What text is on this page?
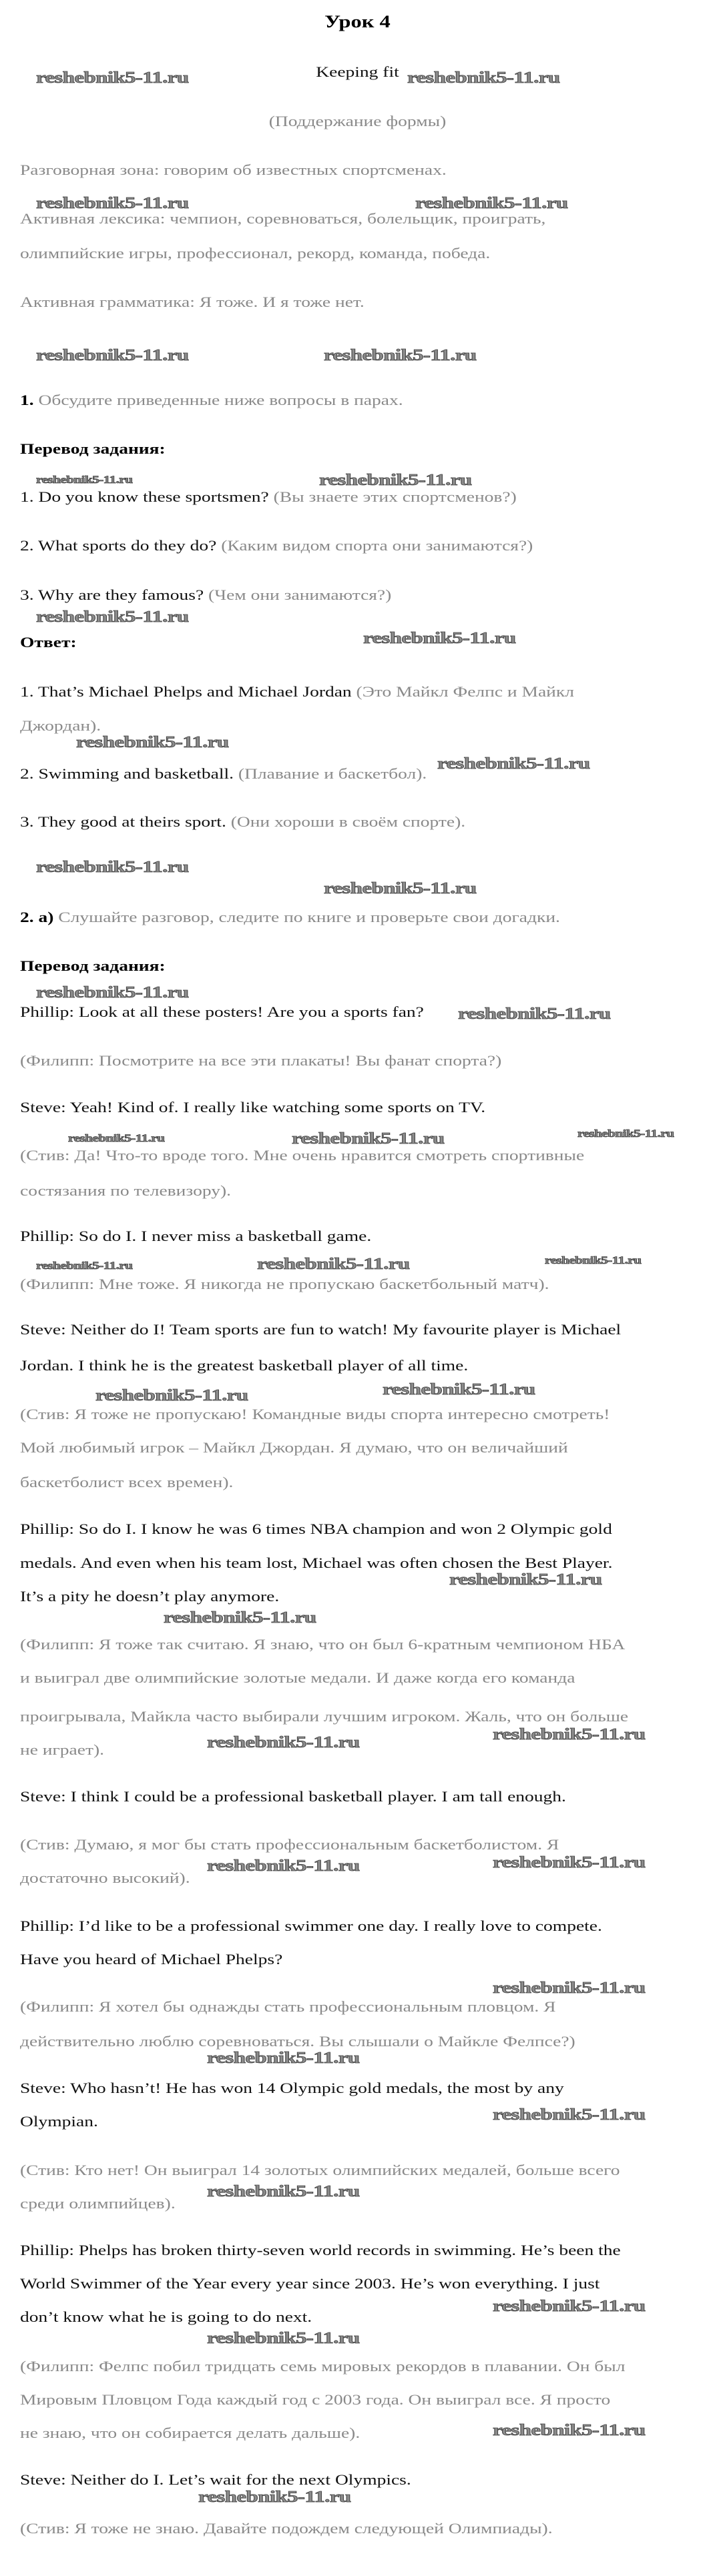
Урок 4
Keeping fit
(Поддержание формы)
Разговорная зона: говорим об известных спортсменах.
Активная лексика: чемпион, соревноваться, болельщик, проиграть,
олимпийские игры, профессионал, рекорд, команда, победа.
Активная грамматика: Я тоже. И я тоже нет.
1. Обсудите приведенные ниже вопросы в парах.
Перевод задания:
1. Do you know these sportsmen? (Вы знаете этих спортсменов?)
2. What sports do they do? (Каким видом спорта они занимаются?)
3. Why are they famous? (Чем они занимаются?)
Ответ:
1. That’s Michael Phelps and Michael Jordan (Это Майкл Фелпс и Майкл
Джордан).
2. Swimming and basketball. (Плавание и баскетбол).
3. They good at theirs sport. (Они хороши в своём спорте).
2. а) Слушайте разговор, следите по книге и проверьте свои догадки.
Перевод задания:
Phillip: Look at all these posters! Are you a sports fan?
(Филипп: Посмотрите на все эти плакаты! Вы фанат спорта?)
Steve: Yeah! Kind of. I really like watching some sports on TV.
(Стив: Да! Что-то вроде того. Мне очень нравится смотреть спортивные
состязания по телевизору).
Phillip: So do I. I never miss a basketball game.
(Филипп: Мне тоже. Я никогда не пропускаю баскетбольный матч).
Steve: Neither do I! Team sports are fun to watch! My favourite player is Michael
Jordan. I think he is the greatest basketball player of all time.
(Стив: Я тоже не пропускаю! Командные виды спорта интересно смотреть!
Мой любимый игрок – Майкл Джордан. Я думаю, что он величайший
баскетболист всех времен).
Phillip: So do I. I know he was 6 times NBA champion and won 2 Olympic gold
medals. And even when his team lost, Michael was often chosen the Best Player.
It’s a pity he doesn’t play anymore.
(Филипп: Я тоже так считаю. Я знаю, что он был 6-кратным чемпионом НБА
и выиграл две олимпийские золотые медали. И даже когда его команда
проигрывала, Майкла часто выбирали лучшим игроком. Жаль, что он больше
не играет).
Steve: I think I could be a professional basketball player. I am tall enough.
(Стив: Думаю, я мог бы стать профессиональным баскетболистом. Я
достаточно высокий).
Phillip: I’d like to be a professional swimmer one day. I really love to compete.
Have you heard of Michael Phelps?
(Филипп: Я хотел бы однажды стать профессиональным пловцом. Я
действительно люблю соревноваться. Вы слышали о Майкле Фелпсе?)
Steve: Who hasn’t! He has won 14 Olympic gold medals, the most by any
Olympian.
(Стив: Кто нет! Он выиграл 14 золотых олимпийских медалей, больше всего
среди олимпийцев).
Phillip: Phelps has broken thirty-seven world records in swimming. He’s been the
World Swimmer of the Year every year since 2003. He’s won everything. I just
don’t know what he is going to do next.
(Филипп: Фелпс побил тридцать семь мировых рекордов в плавании. Он был
Мировым Пловцом Года каждый год с 2003 года. Он выиграл все. Я просто
не знаю, что он собирается делать дальше).
Steve: Neither do I. Let’s wait for the next Olympics.
(Стив: Я тоже не знаю. Давайте подождем следующей Олимпиады).
reshebnik5-11.ru	reshebnik5-11.ru
reshebnik5-11.ru	reshebnik5-11.ru
reshebnik5-11.ru	reshebnik5-11.ru
reshebnik5-11.ru	reshebnik5-11.ru
reshebnik5-11.ru
reshebnik5-11.ru
reshebnik5-11.ru
reshebnik5-11.ru
reshebnik5-11.ru
reshebnik5-11.ru
reshebnik5-11.ru
reshebnik5-11.ru
reshebnik5-11.ru	reshebnik5-11.ru	reshebnik5-11.ru
reshebnik5-11.ru	reshebnik5-11.ru	reshebnik5-11.ru
reshebnik5-11.ru	reshebnik5-11.ru
reshebnik5-11.ru
reshebnik5-11.ru
reshebnik5-11.ru
reshebnik5-11.ru
reshebnik5-11.ru	reshebnik5-11.ru
reshebnik5-11.ru
reshebnik5-11.ru
reshebnik5-11.ru
reshebnik5-11.ru
reshebnik5-11.ru
reshebnik5-11.ru
reshebnik5-11.ru
reshebnik5-11.ru
